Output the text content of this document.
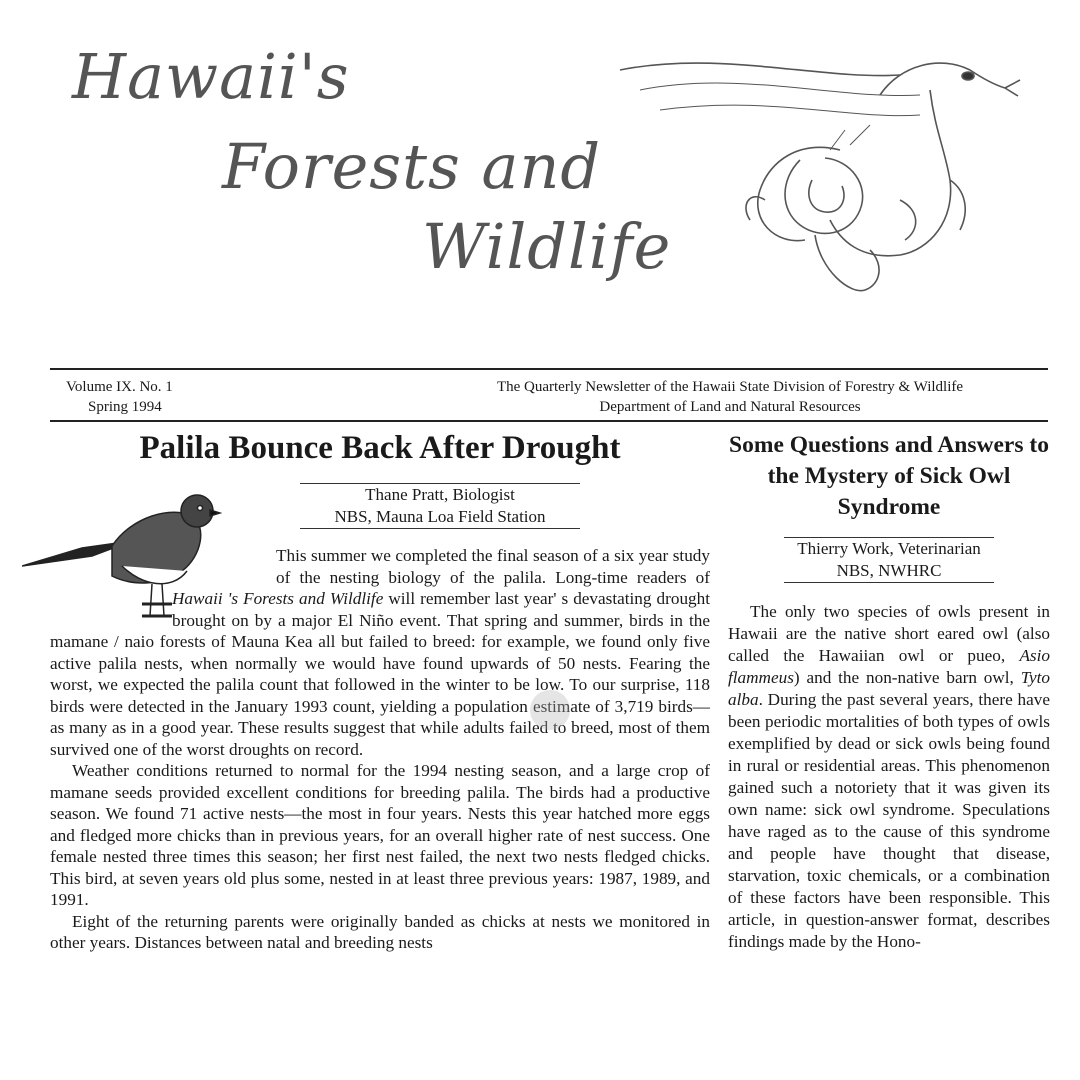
Hawaii's
Forests and
Wildlife
Volume IX. No. 1
Spring 1994
The Quarterly Newsletter of the Hawaii State Division of Forestry & Wildlife
Department of Land and Natural Resources
Palila Bounce Back After Drought
Thane Pratt, Biologist
NBS, Mauna Loa Field Station

This summer we completed the final season of a six year study of the nesting biology of the palila. Long-time readers of Hawaii 's Forests and Wildlife will remember last year' s devastating drought brought on by a major El Niño event. That spring and summer, birds in the mamane / naio forests of Mauna Kea all but failed to breed: for example, we found only five active palila nests, when normally we would have found upwards of 50 nests. Fearing the worst, we expected the palila count that followed in the winter to be low. To our surprise, 118 birds were detected in the January 1993 count, yielding a population estimate of 3,719 birds—as many as in a good year. These results suggest that while adults failed to breed, most of them survived one of the worst droughts on record.

Weather conditions returned to normal for the 1994 nesting season, and a large crop of mamane seeds provided excellent conditions for breeding palila. The birds had a productive season. We found 71 active nests—the most in four years. Nests this year hatched more eggs and fledged more chicks than in previous years, for an overall higher rate of nest success. One female nested three times this season; her first nest failed, the next two nests fledged chicks. This bird, at seven years old plus some, nested in at least three previous years: 1987, 1989, and 1991.

Eight of the returning parents were originally banded as chicks at nests we monitored in other years. Distances between natal and breeding nests

Some Questions and Answers to the Mystery of Sick Owl Syndrome
Thierry Work, Veterinarian
NBS, NWHRC

The only two species of owls present in Hawaii are the native short eared owl (also called the Hawaiian owl or pueo, Asio flammeus) and the non-native barn owl, Tyto alba. During the past several years, there have been periodic mortalities of both types of owls exemplified by dead or sick owls being found in rural or residential areas. This phenomenon gained such a notoriety that it was given its own name: sick owl syndrome. Speculations have raged as to the cause of this syndrome and people have thought that disease, starvation, toxic chemicals, or a combination of these factors have been responsible. This article, in question-answer format, describes findings made by the Hono-
